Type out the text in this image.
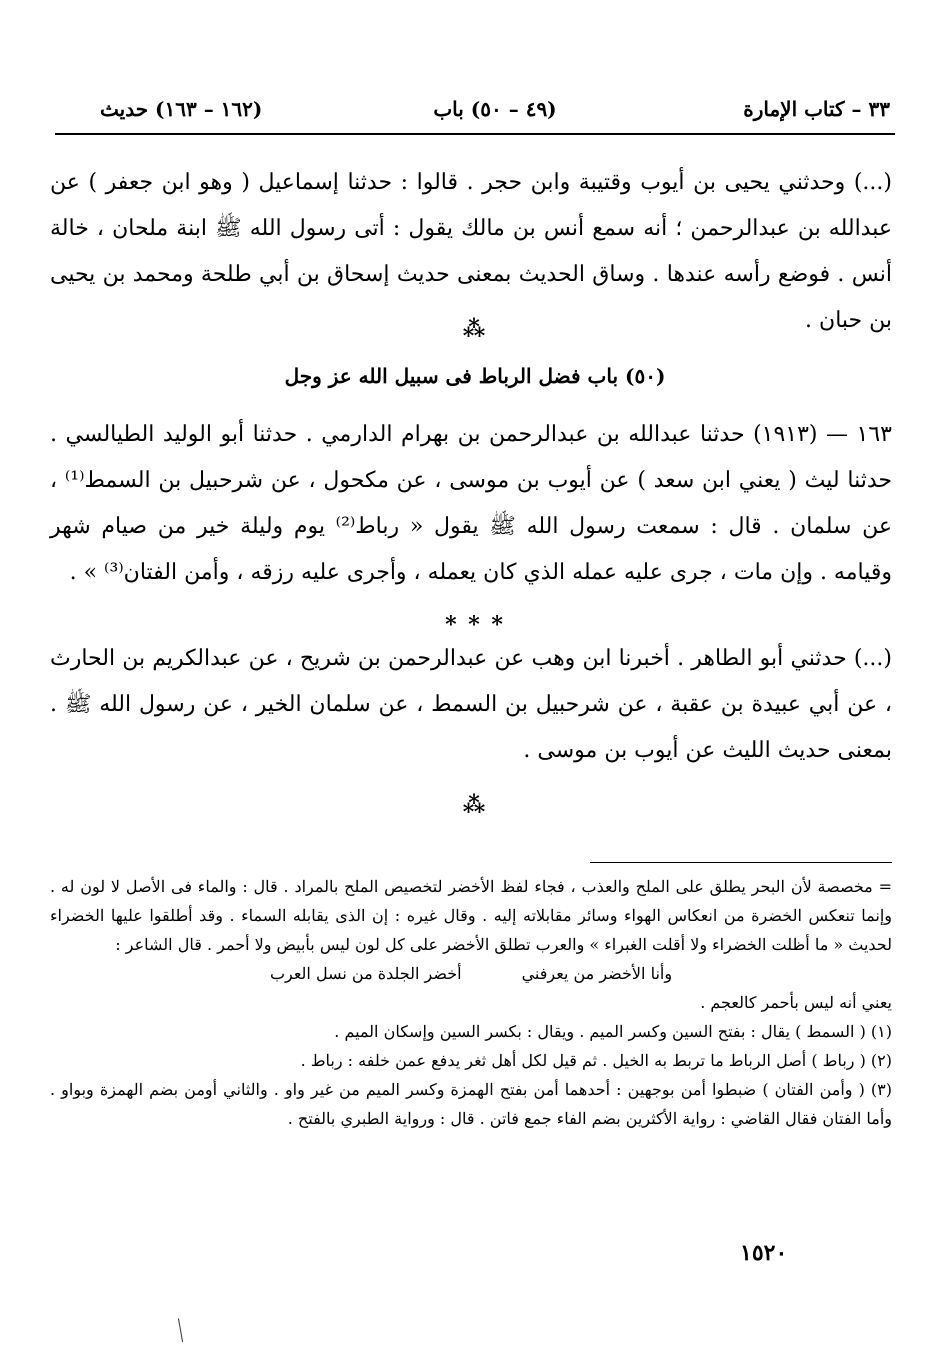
٣٣ – كتاب الإمارة
(٤٩ – ٥٠) باب
(١٦٢ – ١٦٣) حديث
(...) وحدثني يحيى بن أيوب وقتيبة وابن حجر . قالوا : حدثنا إسماعيل ( وهو ابن جعفر ) عن عبدالله بن عبدالرحمن ؛ أنه سمع أنس بن مالك يقول : أتى رسول الله ﷺ ابنة ملحان ، خالة أنس . فوضع رأسه عندها . وساق الحديث بمعنى حديث إسحاق بن أبي طلحة ومحمد بن يحيى بن حبان .
⁂
(٥٠) باب فضل الرباط فى سبيل الله عز وجل
١٦٣ — (١٩١٣) حدثنا عبدالله بن عبدالرحمن بن بهرام الدارمي . حدثنا أبو الوليد الطيالسي . حدثنا ليث ( يعني ابن سعد ) عن أيوب بن موسى ، عن مكحول ، عن شرحبيل بن السمط⁽¹⁾ ، عن سلمان . قال : سمعت رسول الله ﷺ يقول « رباط⁽²⁾ يوم وليلة خير من صيام شهر وقيامه . وإن مات ، جرى عليه عمله الذي كان يعمله ، وأجرى عليه رزقه ، وأمن الفتان⁽³⁾ » .
* * *
(...) حدثني أبو الطاهر . أخبرنا ابن وهب عن عبدالرحمن بن شريح ، عن عبدالكريم بن الحارث ، عن أبي عبيدة بن عقبة ، عن شرحبيل بن السمط ، عن سلمان الخير ، عن رسول الله ﷺ . بمعنى حديث الليث عن أيوب بن موسى .
⁂

= مخصصة لأن البحر يطلق على الملح والعذب ، فجاء لفظ الأخضر لتخصيص الملح بالمراد . قال : والماء فى الأصل لا لون له . وإنما تنعكس الخضرة من انعكاس الهواء وسائر مقابلاته إليه . وقال غيره : إن الذى يقابله السماء . وقد أطلقوا عليها الخضراء لحديث « ما أظلت الخضراء ولا أقلت الغبراء » والعرب تطلق الأخضر على كل لون ليس بأبيض ولا أحمر . قال الشاعر :

وأنا الأخضر من يعرفني
أخضر الجلدة من نسل العرب

يعني أنه ليس بأحمر كالعجم .

(١) ( السمط ) يقال : بفتح السين وكسر الميم . ويقال : بكسر السين وإسكان الميم .

(٢) ( رباط ) أصل الرباط ما تربط به الخيل . ثم قيل لكل أهل ثغر يدفع عمن خلفه : رباط .

(٣) ( وأمن الفتان ) ضبطوا أمن بوجهين : أحدهما أمن بفتح الهمزة وكسر الميم من غير واو . والثاني أومن بضم الهمزة وبواو . وأما الفتان فقال القاضي : رواية الأكثرين بضم الفاء جمع فاتن . قال : ورواية الطبري بالفتح .

١٥٢٠
